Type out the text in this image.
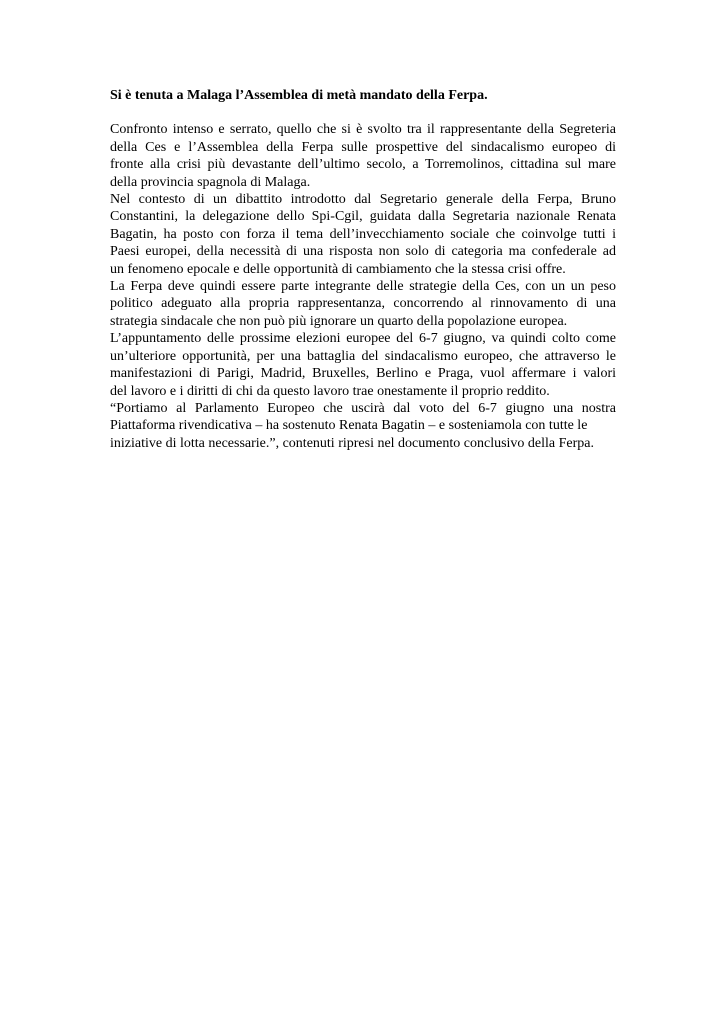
Si è tenuta a Malaga l’Assemblea di metà mandato della Ferpa.

Confronto intenso e serrato, quello che si è svolto tra il rappresentante della Segreteria
della Ces e l’Assemblea della Ferpa sulle prospettive del sindacalismo europeo di
fronte alla crisi più devastante dell’ultimo secolo, a Torremolinos, cittadina sul mare
della provincia spagnola di Malaga.
Nel contesto di un dibattito introdotto dal Segretario generale della Ferpa, Bruno
Constantini, la delegazione dello Spi-Cgil, guidata dalla Segretaria nazionale Renata
Bagatin, ha posto con forza il tema dell’invecchiamento sociale che coinvolge tutti i
Paesi europei, della necessità di una risposta non solo di categoria ma confederale ad
un fenomeno epocale e delle opportunità di cambiamento che la stessa crisi offre.
La Ferpa deve quindi essere parte integrante delle strategie della Ces, con un un peso
politico adeguato alla propria rappresentanza, concorrendo al rinnovamento di una
strategia sindacale che non può più ignorare un quarto della popolazione europea.
L’appuntamento delle prossime elezioni europee del 6-7 giugno, va quindi colto come
un’ulteriore opportunità, per una battaglia del sindacalismo europeo, che attraverso le
manifestazioni di Parigi, Madrid, Bruxelles, Berlino e Praga, vuol affermare i valori
del lavoro e i diritti di chi da questo lavoro trae onestamente il proprio reddito.
“Portiamo al Parlamento Europeo che uscirà dal voto del 6-7 giugno una nostra
Piattaforma rivendicativa – ha sostenuto Renata Bagatin – e sosteniamola con tutte le
iniziative di lotta necessarie.”, contenuti ripresi nel documento conclusivo della Ferpa.
